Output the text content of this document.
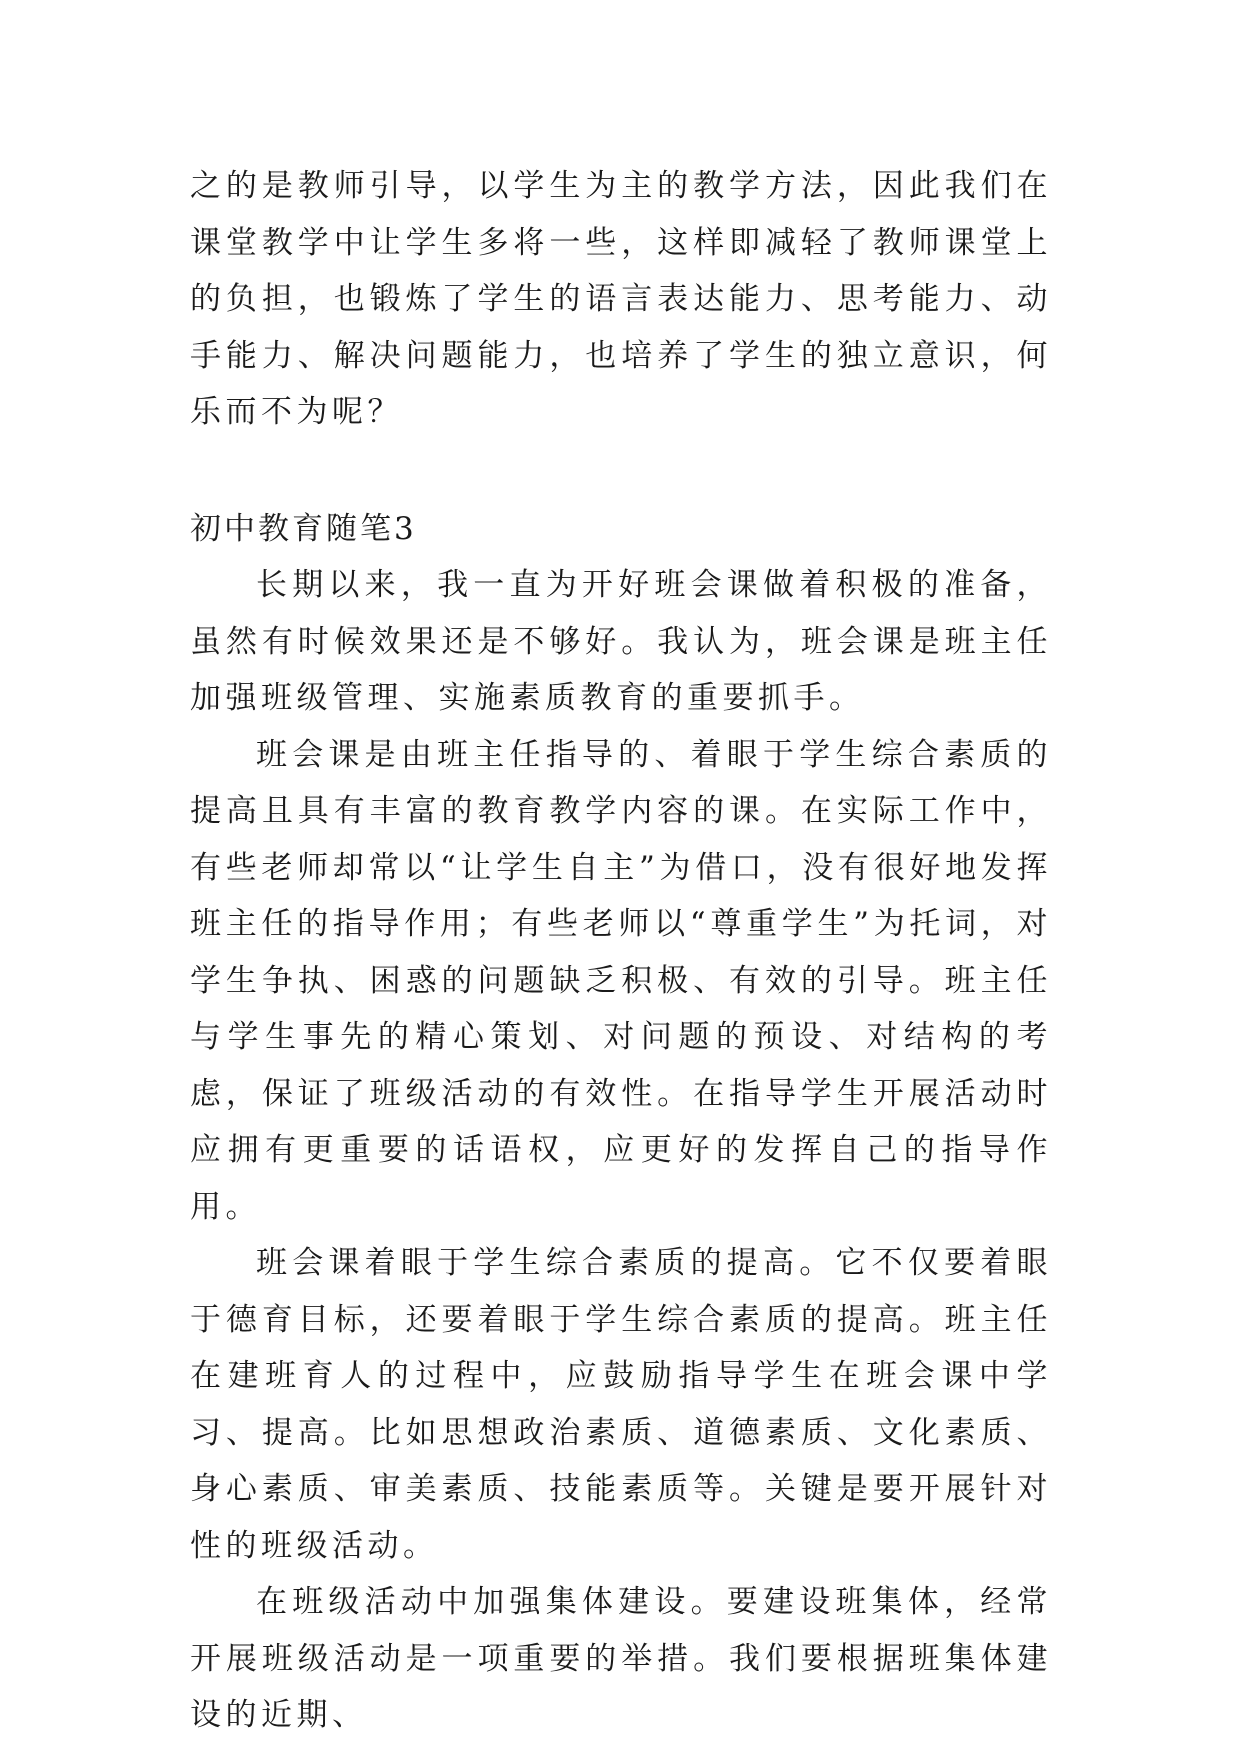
之的是教师引导，以学生为主的教学方法，因此我们在课堂教学中让学生多将一些，这样即减轻了教师课堂上的负担，也锻炼了学生的语言表达能力、思考能力、动手能力、解决问题能力，也培养了学生的独立意识，何乐而不为呢？

初中教育随笔3

长期以来，我一直为开好班会课做着积极的准备，虽然有时候效果还是不够好。我认为，班会课是班主任加强班级管理、实施素质教育的重要抓手。

班会课是由班主任指导的、着眼于学生综合素质的提高且具有丰富的教育教学内容的课。在实际工作中，有些老师却常以“让学生自主”为借口，没有很好地发挥班主任的指导作用；有些老师以“尊重学生”为托词，对学生争执、困惑的问题缺乏积极、有效的引导。班主任与学生事先的精心策划、对问题的预设、对结构的考虑，保证了班级活动的有效性。在指导学生开展活动时应拥有更重要的话语权，应更好的发挥自己的指导作用。

班会课着眼于学生综合素质的提高。它不仅要着眼于德育目标，还要着眼于学生综合素质的提高。班主任在建班育人的过程中，应鼓励指导学生在班会课中学习、提高。比如思想政治素质、道德素质、文化素质、身心素质、审美素质、技能素质等。关键是要开展针对性的班级活动。

在班级活动中加强集体建设。要建设班集体，经常开展班级活动是一项重要的举措。我们要根据班集体建设的近期、
